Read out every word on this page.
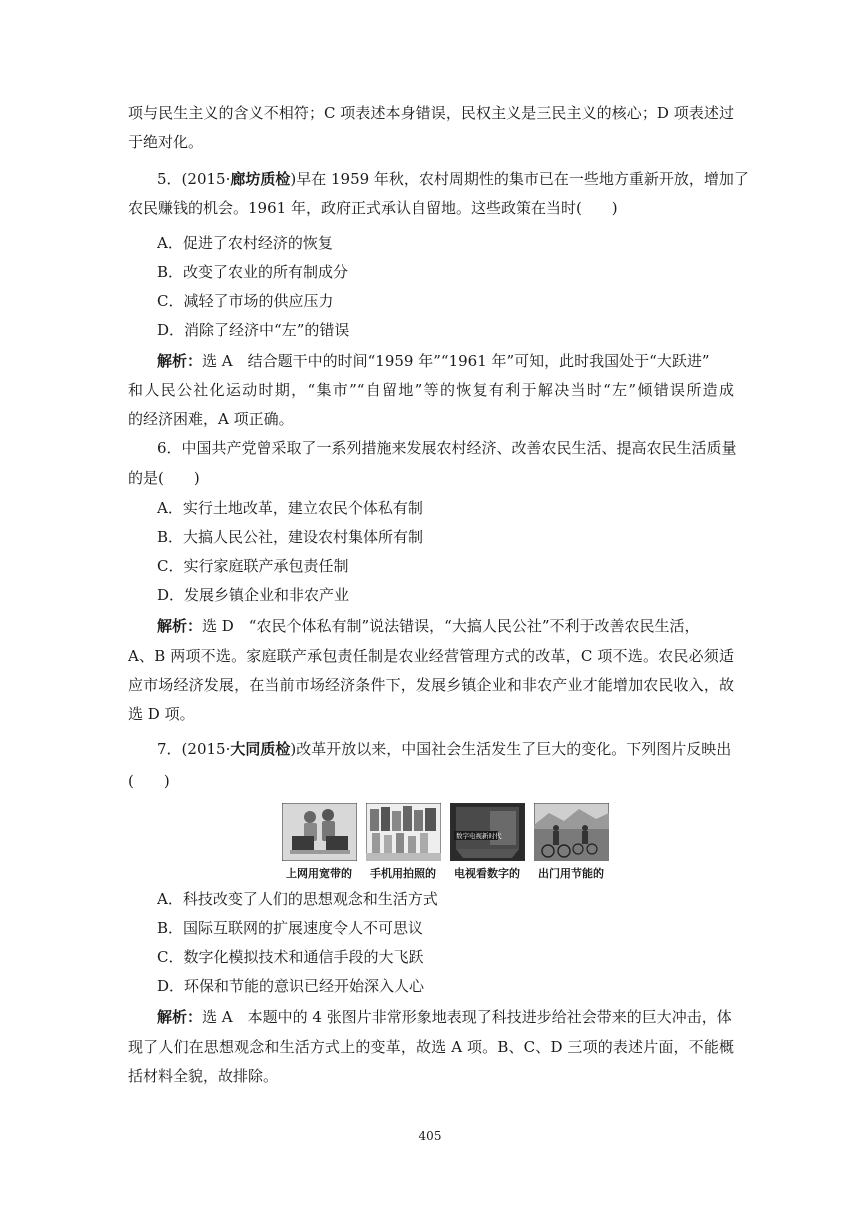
项与民生主义的含义不相符；C 项表述本身错误，民权主义是三民主义的核心；D 项表述过
于绝对化。
5．(2015·廊坊质检)早在 1959 年秋，农村周期性的集市已在一些地方重新开放，增加了
农民赚钱的机会。1961 年，政府正式承认自留地。这些政策在当时(　　)
A．促进了农村经济的恢复
B．改变了农业的所有制成分
C．减轻了市场的供应压力
D．消除了经济中“左”的错误
解析：选 A　结合题干中的时间“1959 年”“1961 年”可知，此时我国处于“大跃进”
和人民公社化运动时期，“集市”“自留地”等的恢复有利于解决当时“左”倾错误所造成
的经济困难，A 项正确。
6．中国共产党曾采取了一系列措施来发展农村经济、改善农民生活、提高农民生活质量
的是(　　)
A．实行土地改革，建立农民个体私有制
B．大搞人民公社，建设农村集体所有制
C．实行家庭联产承包责任制
D．发展乡镇企业和非农产业
解析：选 D　“农民个体私有制”说法错误，“大搞人民公社”不利于改善农民生活，
A、B 两项不选。家庭联产承包责任制是农业经营管理方式的改革，C 项不选。农民必须适
应市场经济发展，在当前市场经济条件下，发展乡镇企业和非农产业才能增加农民收入，故
选 D 项。
7．(2015·大同质检)改革开放以来，中国社会生活发生了巨大的变化。下列图片反映出
(　　)
上网用宽带的	手机用拍照的
数字电视新时代
电视看数字的	出门用节能的
A．科技改变了人们的思想观念和生活方式
B．国际互联网的扩展速度令人不可思议
C．数字化模拟技术和通信手段的大飞跃
D．环保和节能的意识已经开始深入人心
解析：选 A　本题中的 4 张图片非常形象地表现了科技进步给社会带来的巨大冲击，体
现了人们在思想观念和生活方式上的变革，故选 A 项。B、C、D 三项的表述片面，不能概
括材料全貌，故排除。
405
